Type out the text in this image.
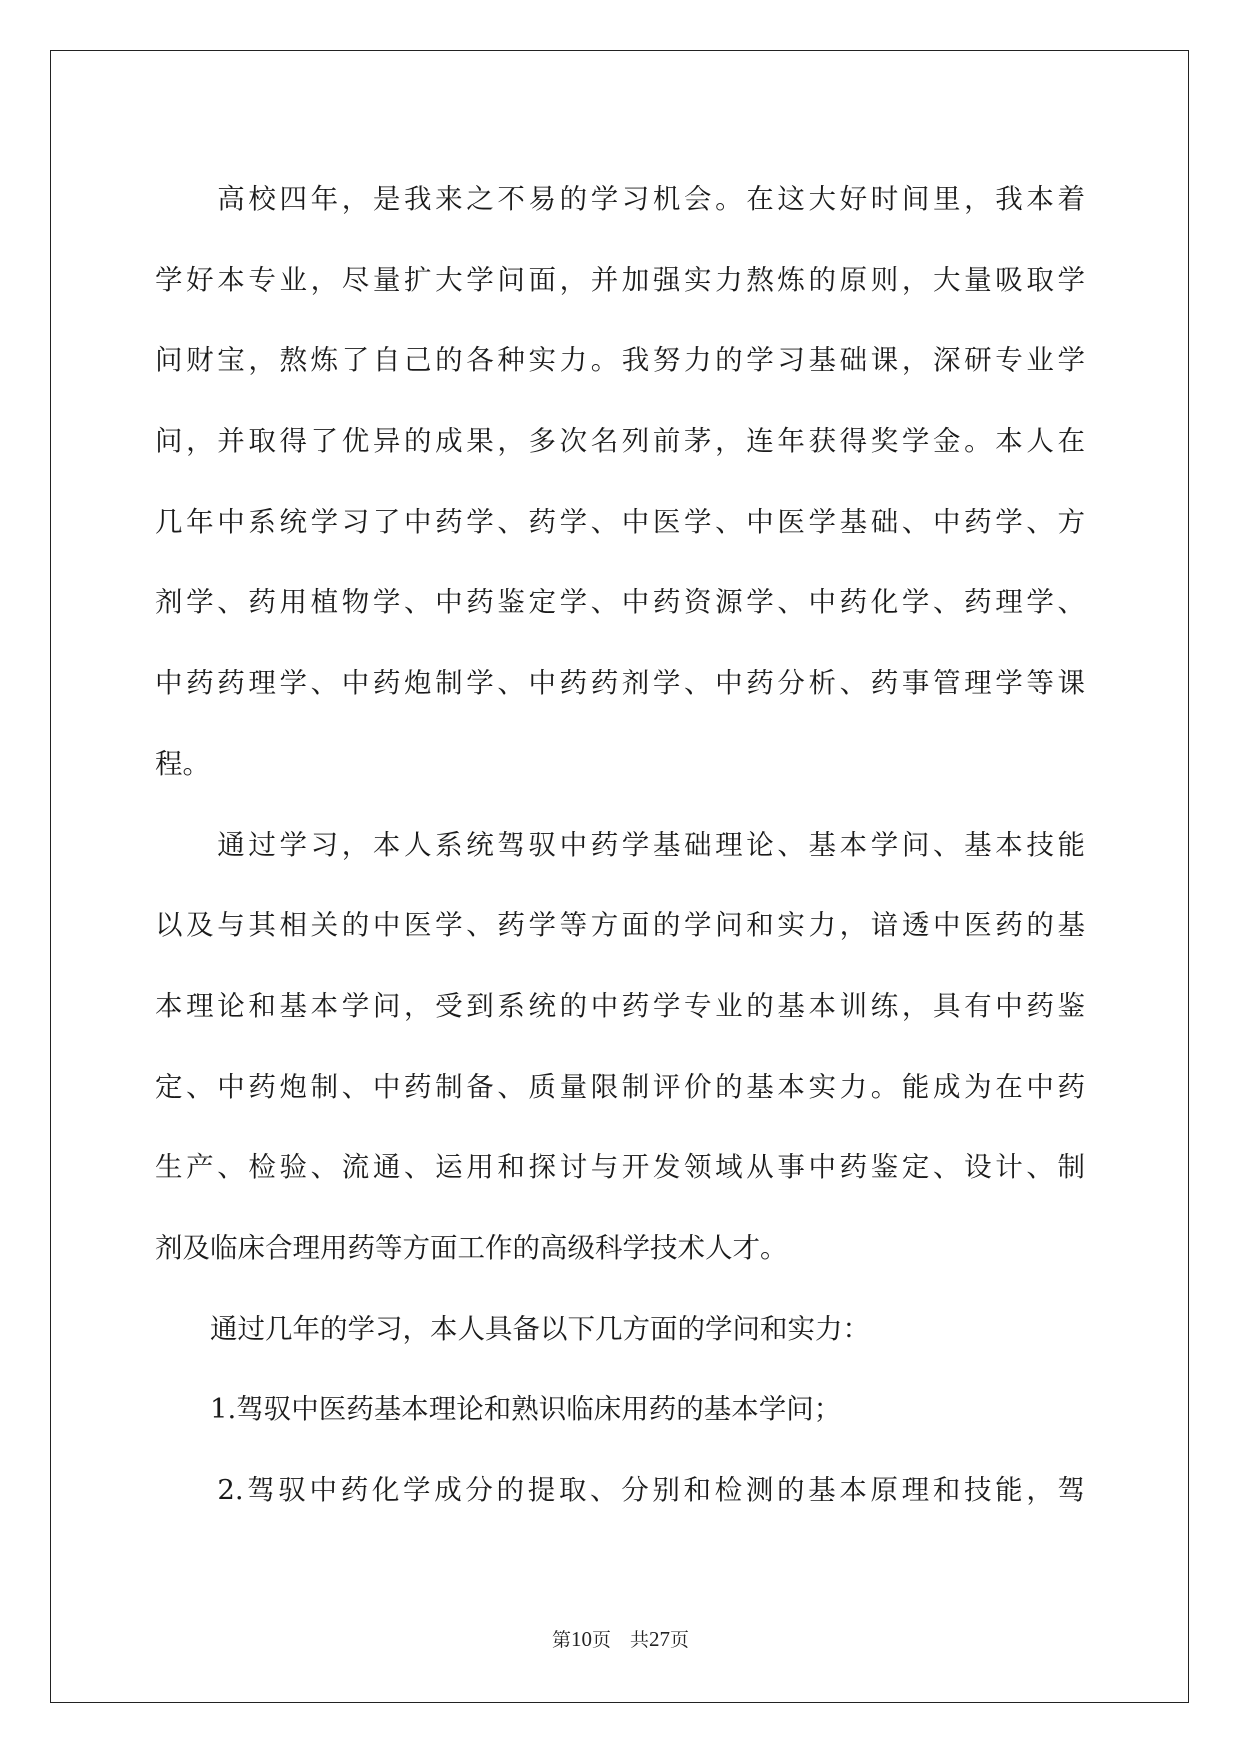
　　高校四年，是我来之不易的学习机会。在这大好时间里，我本着
学好本专业，尽量扩大学问面，并加强实力熬炼的原则，大量吸取学
问财宝，熬炼了自己的各种实力。我努力的学习基础课，深研专业学
问，并取得了优异的成果，多次名列前茅，连年获得奖学金。本人在
几年中系统学习了中药学、药学、中医学、中医学基础、中药学、方
剂学、药用植物学、中药鉴定学、中药资源学、中药化学、药理学、
中药药理学、中药炮制学、中药药剂学、中药分析、药事管理学等课
程。
　　通过学习，本人系统驾驭中药学基础理论、基本学问、基本技能
以及与其相关的中医学、药学等方面的学问和实力，谙透中医药的基
本理论和基本学问，受到系统的中药学专业的基本训练，具有中药鉴
定、中药炮制、中药制备、质量限制评价的基本实力。能成为在中药
生产、检验、流通、运用和探讨与开发领域从事中药鉴定、设计、制
剂及临床合理用药等方面工作的高级科学技术人才。
　　通过几年的学习，本人具备以下几方面的学问和实力：
　　1.驾驭中医药基本理论和熟识临床用药的基本学问；
　　2.驾驭中药化学成分的提取、分别和检测的基本原理和技能，驾
第10页　共27页
